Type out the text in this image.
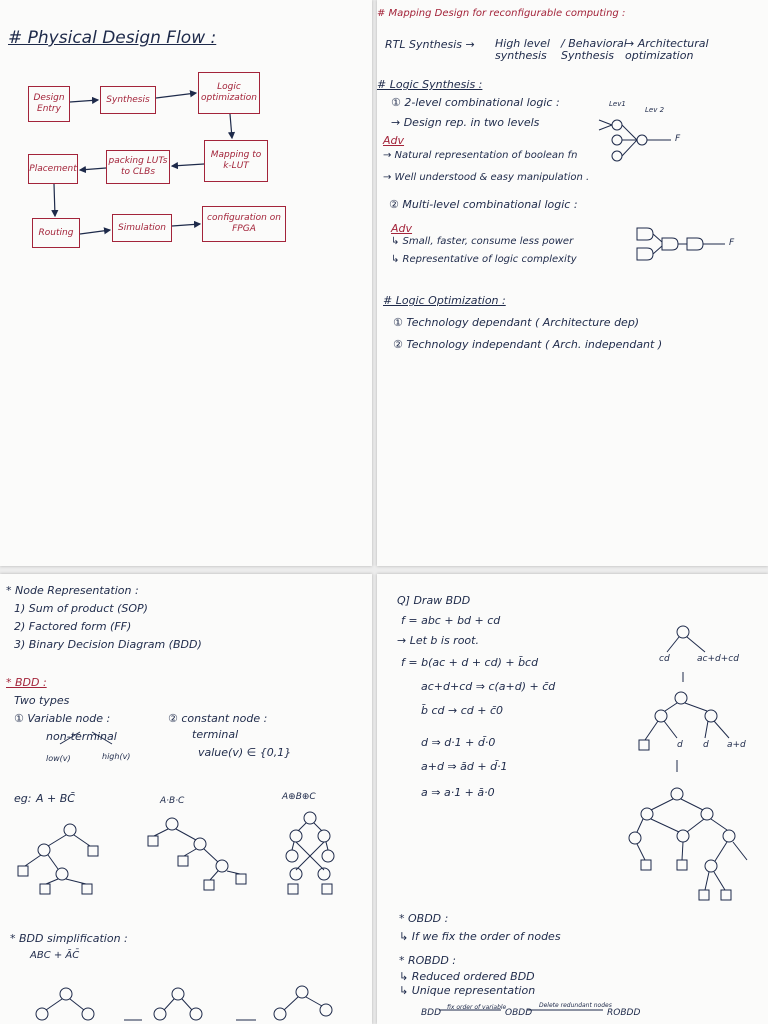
# Physical Design Flow :
Design Entry
Synthesis
Logic optimization
Mapping to k-LUT
packing LUTs to CLBs
Placement
Routing	Simulation
configuration on FPGA
# Mapping Design for reconfigurable computing :
RTL Synthesis → High level synthesis
/ Behavioral Synthesis
→ Architectural optimization
# Logic Synthesis :
① 2-level combinational logic :
→ Design rep. in two levels
Adv
→ Natural representation of boolean fn
→ Well understood & easy manipulation .
Lev1
Lev 2
F
② Multi-level combinational logic :
Adv
↳ Small, faster, consume less power
↳ Representative of logic complexity
F
# Logic Optimization :
① Technology dependant ( Architecture dep)
② Technology independant ( Arch. independant )
* Node Representation :
1) Sum of product (SOP)
2) Factored form (FF)
3) Binary Decision Diagram (BDD)
* BDD :
Two types
① Variable node :
non-terminal
low(v)	high(v)
② constant node :
terminal
value(v) ∈ {0,1}
eg: A + BC̄	A·B·C	A⊕B⊕C
* BDD simplification :
ABC + ĀC̄
Q] Draw BDD
f = abc + bd + cd
→ Let b is root.
f = b(ac + d + cd) + b̄cd
ac+d+cd ⇒ c(a+d) + c̄d
b̄ cd → cd + c̄0
d ⇒ d·1 + d̄·0
a+d ⇒ ād + d̄·1
a ⇒ a·1 + ā·0
cd	ac+d+cd
d d a+d
* OBDD :
↳ If we fix the order of nodes
* ROBDD :
↳ Reduced ordered BDD
↳ Unique representation
BDD
fix order of variable
OBDD
Delete redundant nodes
ROBDD
